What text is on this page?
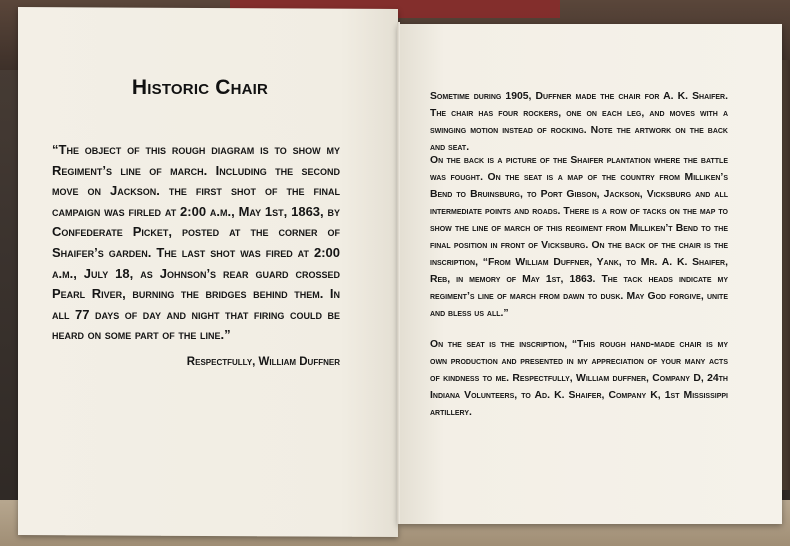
Historic Chair
“The object of this rough diagram is to show my Regiment’s line of march. Including the second move on Jackson. the first shot of the final campaign was firled at 2:00 a.m., May 1st, 1863, by Confederate Picket, posted at the corner of Shaifer’s garden. The last shot was fired at 2:00 a.m., July 18, as Johnson’s rear guard crossed Pearl River, burning the bridges behind them. In all 77 days of day and night that firing could be heard on some part of the line.”
Respectfully, William Duffner
Sometime during 1905, Duffner made the chair for A. K. Shaifer. The chair has four rockers, one on each leg, and moves with a swinging motion instead of rocking. Note the artwork on the back and seat.
On the back is a picture of the Shaifer plantation where the battle was fought. On the seat is a map of the country from Milliken’s Bend to Bruinsburg, to Port Gibson, Jackson, Vicksburg and all intermediate points and roads. There is a row of tacks on the map to show the line of march of this regiment from Milliken’t Bend to the final position in front of Vicksburg. On the back of the chair is the inscription, “From William Duffner, Yank, to Mr. A. K. Shaifer, Reb, in memory of May 1st, 1863. The tack heads indicate my regiment’s line of march from dawn to dusk. May God forgive, unite and bless us all.”
On the seat is the inscription, “This rough hand-made chair is my own production and presented in my appreciation of your many acts of kindness to me. Respectfully, William duffner, Company D, 24th Indiana Volunteers, to Ad. K. Shaifer, Company K, 1st Mississippi artillery.
